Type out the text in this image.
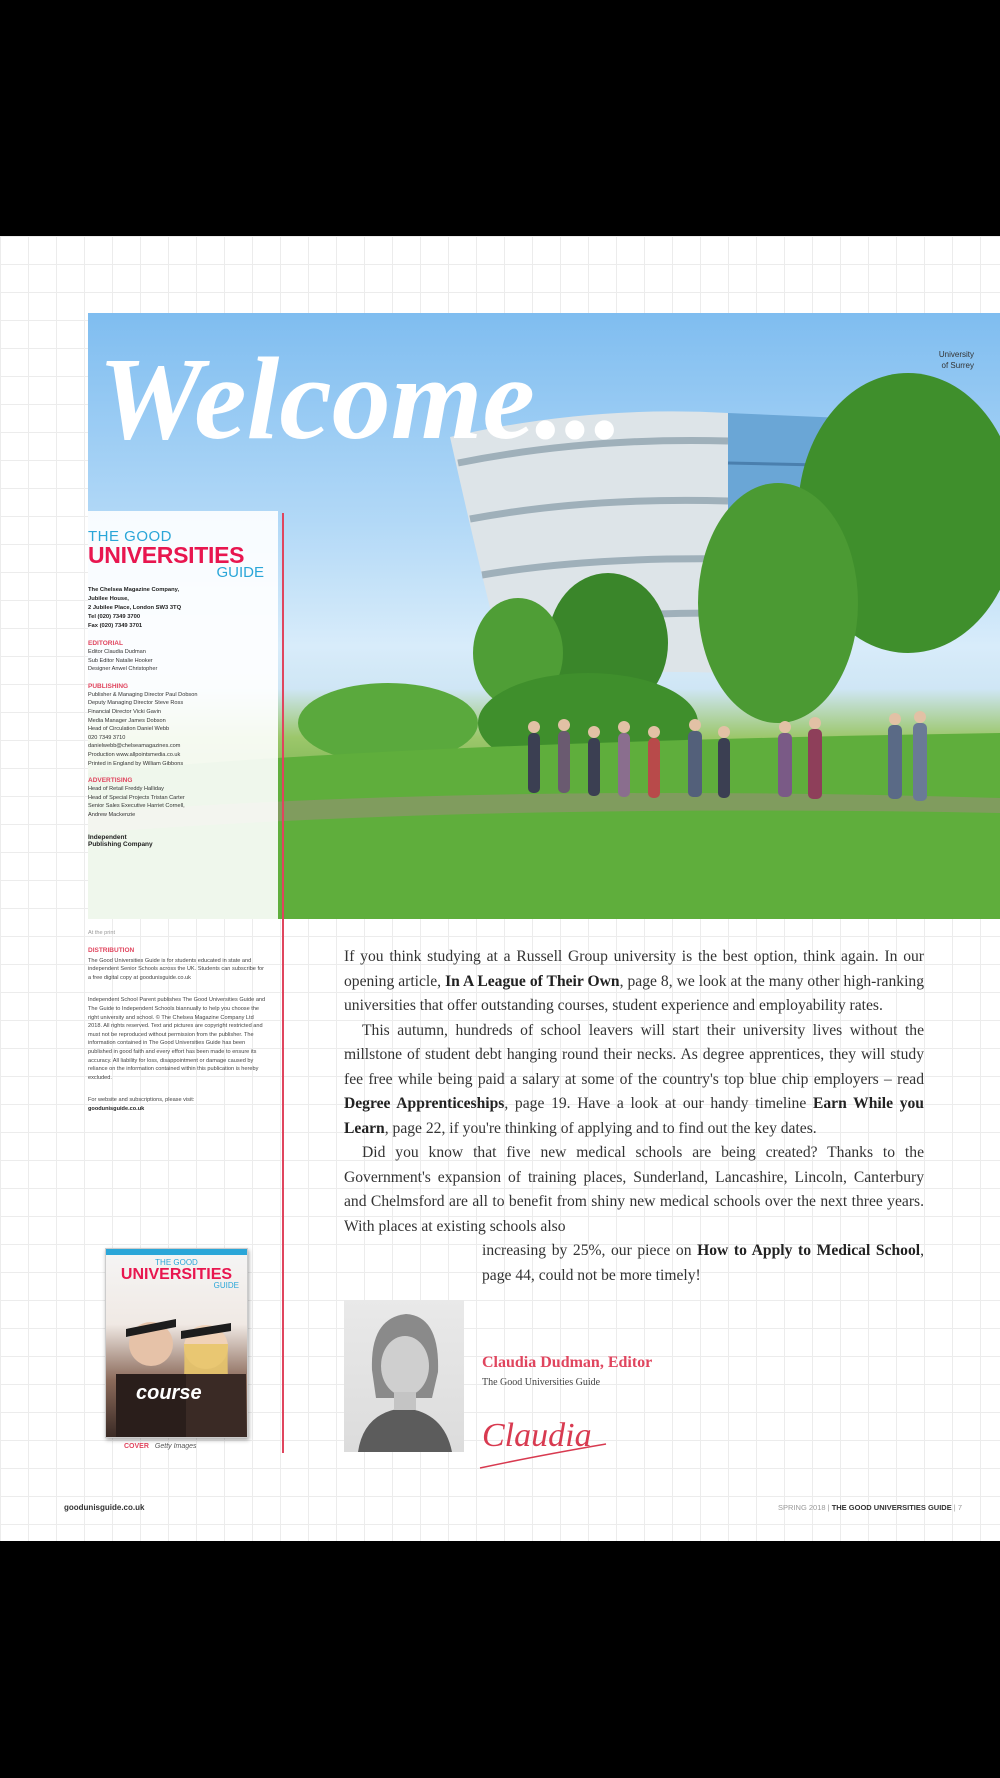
University
of Surrey
Welcome...
THE GOOD
UNIVERSITIES
GUIDE
The Chelsea Magazine Company,
Jubilee House,
2 Jubilee Place, London SW3 3TQ
Tel (020) 7349 3700
Fax (020) 7349 3701
EDITORIAL
Editor Claudia Dudman
Sub Editor Natalie Hooker
Designer Anwel Christopher
PUBLISHING
Publisher & Managing Director Paul Dobson
Deputy Managing Director Steve Ross
Financial Director Vicki Gavin
Media Manager James Dobson
Head of Circulation Daniel Webb
020 7349 3710
danielwebb@chelseamagazines.com
Production www.allpointsmedia.co.uk
Printed in England by William Gibbons
ADVERTISING
Head of Retail Freddy Halliday
Head of Special Projects Tristan Carter
Senior Sales Executive Harriet Cornell,
Andrew Mackenzie
Independent
Publishing Company
At the print
DISTRIBUTION
The Good Universities Guide is for students educated in state and independent Senior Schools across the UK. Students can subscribe for a free digital copy at goodunisguide.co.uk
Independent School Parent publishes The Good Universities Guide and The Guide to Independent Schools biannually to help you choose the right university and school. © The Chelsea Magazine Company Ltd 2018. All rights reserved. Text and pictures are copyright restricted and must not be reproduced without permission from the publisher. The information contained in The Good Universities Guide has been published in good faith and every effort has been made to ensure its accuracy. All liability for loss, disappointment or damage caused by reliance on the information contained within this publication is hereby excluded.
For website and subscriptions, please visit:
goodunisguide.co.uk
THE GOOD
UNIVERSITIES
GUIDE
course
COVER Getty Images

If you think studying at a Russell Group university is the best option, think again. In our opening article, In A League of Their Own, page 8, we look at the many other high-ranking universities that offer outstanding courses, student experience and employability rates.

This autumn, hundreds of school leavers will start their university lives without the millstone of student debt hanging round their necks. As degree apprentices, they will study fee free while being paid a salary at some of the country's top blue chip employers – read Degree Apprenticeships, page 19. Have a look at our handy timeline Earn While you Learn, page 22, if you're thinking of applying and to find out the key dates.

Did you know that five new medical schools are being created? Thanks to the Government's expansion of training places, Sunderland, Lancashire, Lincoln, Canterbury and Chelmsford are all to benefit from shiny new medical schools over the next three years. With places at existing schools also

increasing by 25%, our piece on How to Apply to Medical School, page 44, could not be more timely!

Claudia Dudman, Editor
The Good Universities Guide
Claudia
goodunisguide.co.uk	SPRING 2018 | THE GOOD UNIVERSITIES GUIDE | 7
